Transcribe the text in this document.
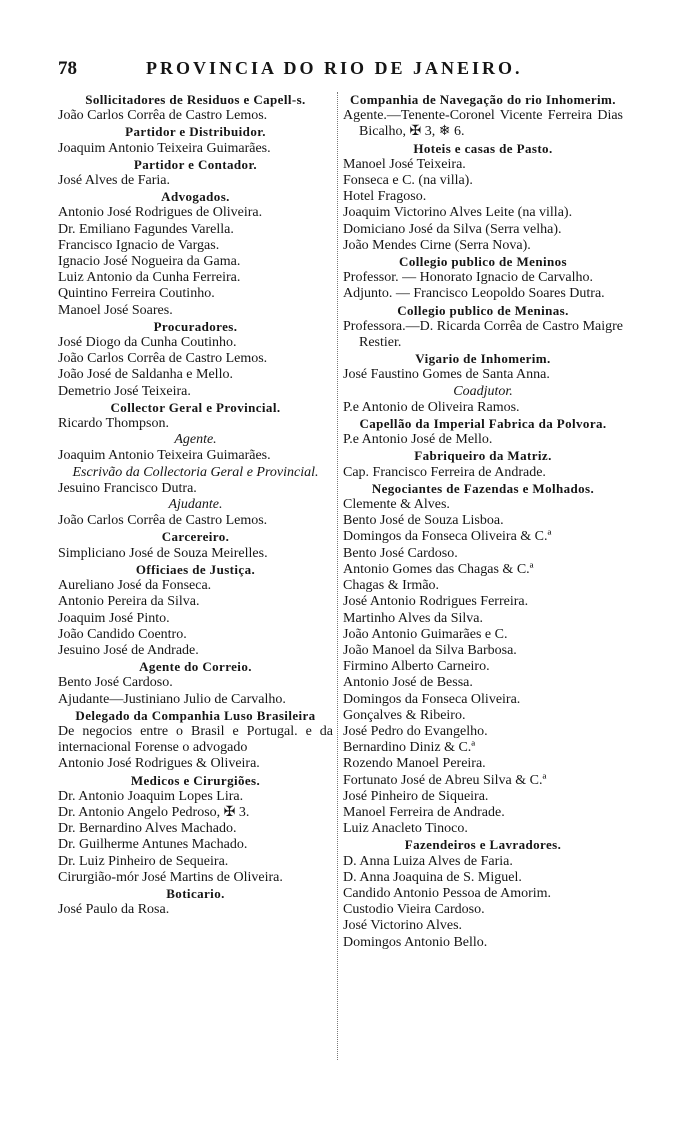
78	PROVINCIA DO RIO DE JANEIRO.
Sollicitadores de Residuos e Capell-s.
João Carlos Corrêa de Castro Lemos.
Partidor e Distribuidor.
Joaquim Antonio Teixeira Guimarães.
Partidor e Contador.
José Alves de Faria.
Advogados.
Antonio José Rodrigues de Oliveira.
Dr. Emiliano Fagundes Varella.
Francisco Ignacio de Vargas.
Ignacio José Nogueira da Gama.
Luiz Antonio da Cunha Ferreira.
Quintino Ferreira Coutinho.
Manoel José Soares.
Procuradores.
José Diogo da Cunha Coutinho.
João Carlos Corrêa de Castro Lemos.
João José de Saldanha e Mello.
Demetrio José Teixeira.
Collector Geral e Provincial.
Ricardo Thompson.
Agente.
Joaquim Antonio Teixeira Guimarães.
Escrivão da Collectoria Geral e Provincial.
Jesuino Francisco Dutra.
Ajudante.
João Carlos Corrêa de Castro Lemos.
Carcereiro.
Simpliciano José de Souza Meirelles.
Officiaes de Justiça.
Aureliano José da Fonseca.
Antonio Pereira da Silva.
Joaquim José Pinto.
João Candido Coentro.
Jesuino José de Andrade.
Agente do Correio.
Bento José Cardoso.
Ajudante—Justiniano Julio de Carvalho.
Delegado da Companhia Luso Brasileira
De negocios entre o Brasil e Portugal. e da internacional Forense o advogado
Antonio José Rodrigues & Oliveira.
Medicos e Cirurgiões.
Dr. Antonio Joaquim Lopes Lira.
Dr. Antonio Angelo Pedroso, ✠ 3.
Dr. Bernardino Alves Machado.
Dr. Guilherme Antunes Machado.
Dr. Luiz Pinheiro de Sequeira.
Cirurgião-mór José Martins de Oliveira.
Boticario.
José Paulo da Rosa.
Companhia de Navegação do rio Inhomerim.
Agente.—Tenente-Coronel Vicente Ferreira Dias Bicalho, ✠ 3, ❄ 6.
Hoteis e casas de Pasto.
Manoel José Teixeira.
Fonseca e C. (na villa).
Hotel Fragoso.
Joaquim Victorino Alves Leite (na villa).
Domiciano José da Silva (Serra velha).
João Mendes Cirne (Serra Nova).
Collegio publico de Meninos
Professor. — Honorato Ignacio de Carvalho.
Adjunto. — Francisco Leopoldo Soares Dutra.
Collegio publico de Meninas.
Professora.—D. Ricarda Corrêa de Castro Maigre Restier.
Vigario de Inhomerim.
José Faustino Gomes de Santa Anna.
Coadjutor.
P.e Antonio de Oliveira Ramos.
Capellão da Imperial Fabrica da Polvora.
P.e Antonio José de Mello.
Fabriqueiro da Matriz.
Cap. Francisco Ferreira de Andrade.
Negociantes de Fazendas e Molhados.
Clemente & Alves.
Bento José de Souza Lisboa.
Domingos da Fonseca Oliveira & C.ª
Bento José Cardoso.
Antonio Gomes das Chagas & C.ª
Chagas & Irmão.
José Antonio Rodrigues Ferreira.
Martinho Alves da Silva.
João Antonio Guimarães e C.
João Manoel da Silva Barbosa.
Firmino Alberto Carneiro.
Antonio José de Bessa.
Domingos da Fonseca Oliveira.
Gonçalves & Ribeiro.
José Pedro do Evangelho.
Bernardino Diniz & C.ª
Rozendo Manoel Pereira.
Fortunato José de Abreu Silva & C.ª
José Pinheiro de Siqueira.
Manoel Ferreira de Andrade.
Luiz Anacleto Tinoco.
Fazendeiros e Lavradores.
D. Anna Luiza Alves de Faria.
D. Anna Joaquina de S. Miguel.
Candido Antonio Pessoa de Amorim.
Custodio Vieira Cardoso.
José Victorino Alves.
Domingos Antonio Bello.
